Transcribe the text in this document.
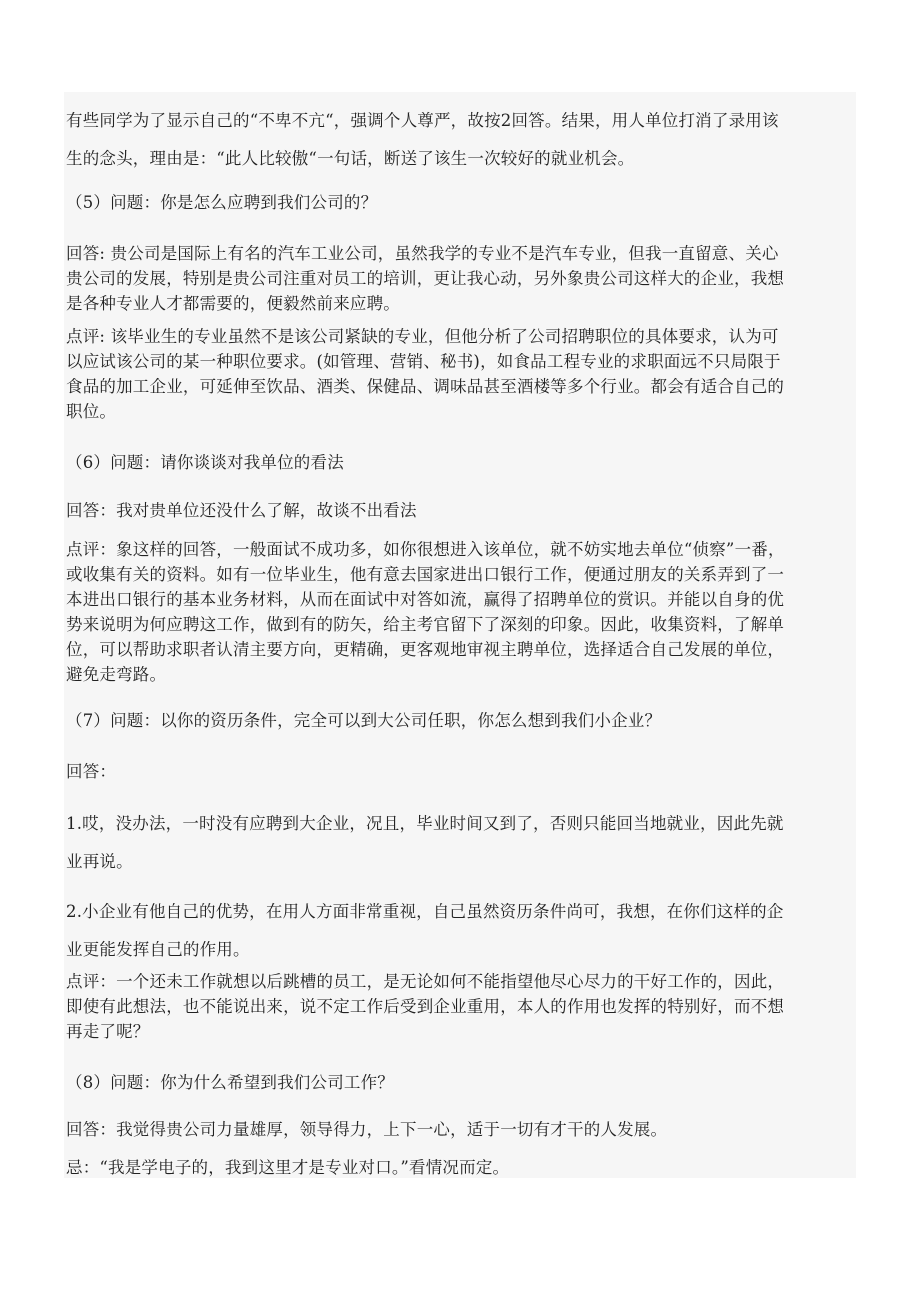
有些同学为了显示自己的“不卑不亢“，强调个人尊严，故按2回答。结果，用人单位打消了录用该
生的念头，理由是：“此人比较傲“一句话，断送了该生一次较好的就业机会。

（5）问题：你是怎么应聘到我们公司的？

回答: 贵公司是国际上有名的汽车工业公司，虽然我学的专业不是汽车专业，但我一直留意、关心
贵公司的发展，特别是贵公司注重对员工的培训，更让我心动，另外象贵公司这样大的企业，我想
是各种专业人才都需要的，便毅然前来应聘。

点评: 该毕业生的专业虽然不是该公司紧缺的专业，但他分析了公司招聘职位的具体要求，认为可
以应试该公司的某一种职位要求。(如管理、营销、秘书)，如食品工程专业的求职面远不只局限于
食品的加工企业，可延伸至饮品、酒类、保健品、调味品甚至酒楼等多个行业。都会有适合自己的
职位。

（6）问题：请你谈谈对我单位的看法

回答：我对贵单位还没什么了解，故谈不出看法

点评：象这样的回答，一般面试不成功多，如你很想进入该单位，就不妨实地去单位“侦察”一番，
或收集有关的资料。如有一位毕业生，他有意去国家进出口银行工作，便通过朋友的关系弄到了一
本进出口银行的基本业务材料，从而在面试中对答如流，赢得了招聘单位的赏识。并能以自身的优
势来说明为何应聘这工作，做到有的防矢，给主考官留下了深刻的印象。因此，收集资料，了解单
位，可以帮助求职者认清主要方向，更精确，更客观地审视主聘单位，选择适合自己发展的单位，
避免走弯路。

（7）问题：以你的资历条件，完全可以到大公司任职，你怎么想到我们小企业？

回答：

1.哎，没办法，一时没有应聘到大企业，况且，毕业时间又到了，否则只能回当地就业，因此先就
业再说。

2.小企业有他自己的优势，在用人方面非常重视，自己虽然资历条件尚可，我想，在你们这样的企
业更能发挥自己的作用。

点评：一个还未工作就想以后跳槽的员工，是无论如何不能指望他尽心尽力的干好工作的，因此，
即使有此想法，也不能说出来，说不定工作后受到企业重用，本人的作用也发挥的特别好，而不想
再走了呢？

（8）问题：你为什么希望到我们公司工作？

回答：我觉得贵公司力量雄厚，领导得力，上下一心，适于一切有才干的人发展。

忌：“我是学电子的，我到这里才是专业对口。”看情况而定。
